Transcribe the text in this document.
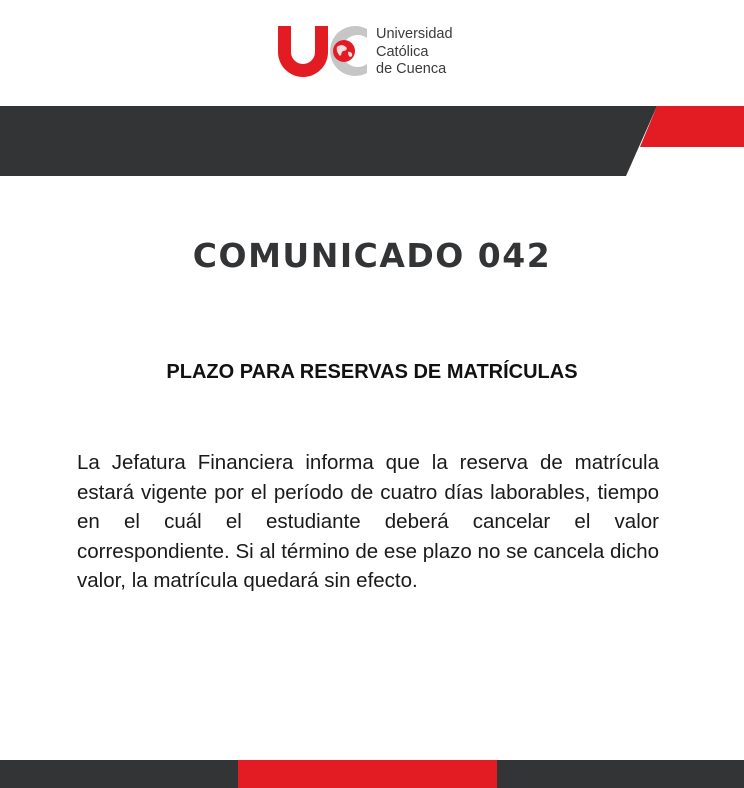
Universidad
Católica
de Cuenca
COMUNICADO 042
PLAZO PARA RESERVAS DE MATRÍCULAS

La Jefatura Financiera informa que la reserva de matrícula estará vigente por el período de cuatro días laborables, tiempo en el cuál el estudiante deberá cancelar el valor correspondiente. Si al término de ese plazo no se cancela dicho valor, la matrícula quedará sin efecto.
